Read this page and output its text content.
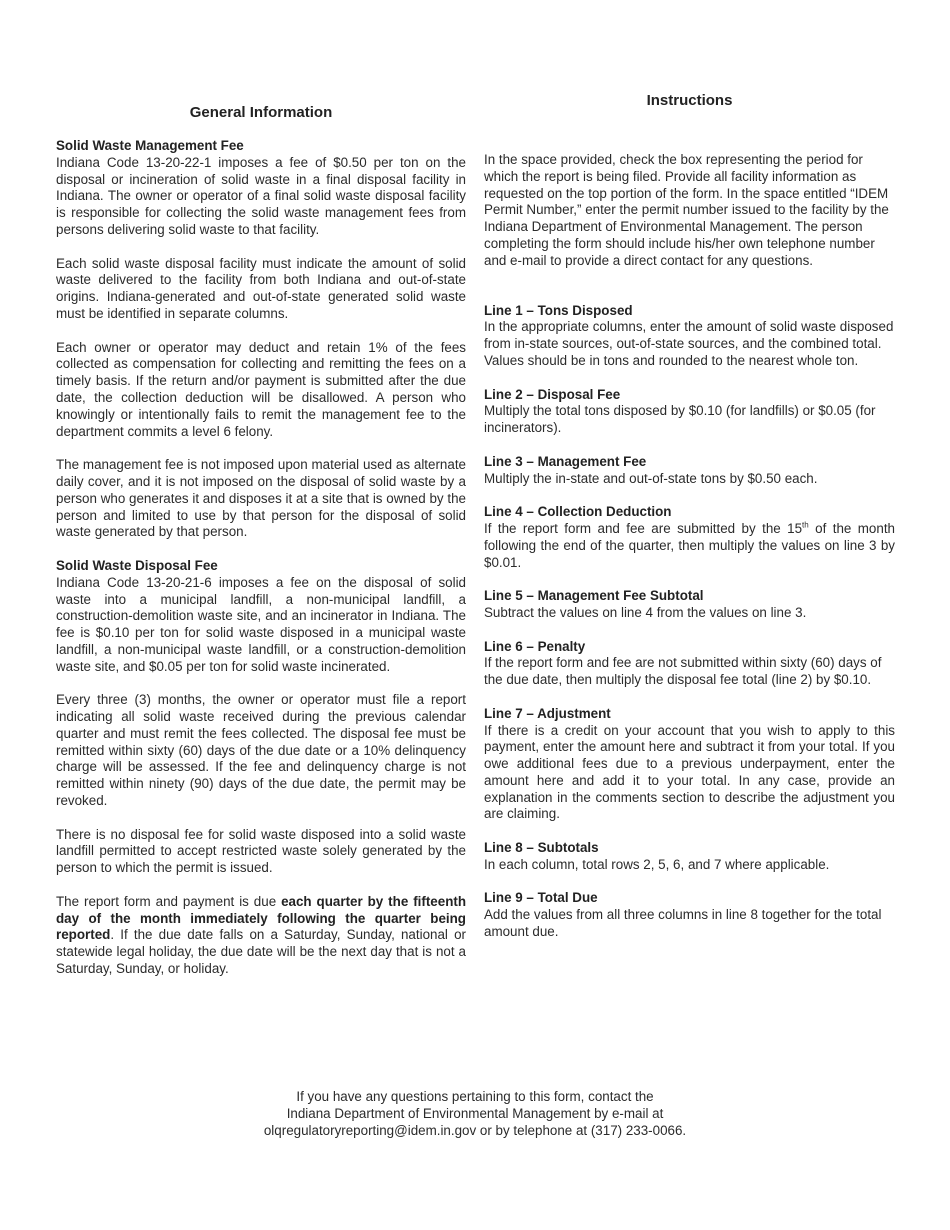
General Information
Solid Waste Management Fee

Indiana Code 13-20-22-1 imposes a fee of $0.50 per ton on the disposal or incineration of solid waste in a final disposal facility in Indiana. The owner or operator of a final solid waste disposal facility is responsible for collecting the solid waste management fees from persons delivering solid waste to that facility.

Each solid waste disposal facility must indicate the amount of solid waste delivered to the facility from both Indiana and out-of-state origins. Indiana-generated and out-of-state generated solid waste must be identified in separate columns.

Each owner or operator may deduct and retain 1% of the fees collected as compensation for collecting and remitting the fees on a timely basis. If the return and/or payment is submitted after the due date, the collection deduction will be disallowed. A person who knowingly or intentionally fails to remit the management fee to the department commits a level 6 felony.

The management fee is not imposed upon material used as alternate daily cover, and it is not imposed on the disposal of solid waste by a person who generates it and disposes it at a site that is owned by the person and limited to use by that person for the disposal of solid waste generated by that person.

Solid Waste Disposal Fee

Indiana Code 13-20-21-6 imposes a fee on the disposal of solid waste into a municipal landfill, a non-municipal landfill, a construction-demolition waste site, and an incinerator in Indiana. The fee is $0.10 per ton for solid waste disposed in a municipal waste landfill, a non-municipal waste landfill, or a construction-demolition waste site, and $0.05 per ton for solid waste incinerated.

Every three (3) months, the owner or operator must file a report indicating all solid waste received during the previous calendar quarter and must remit the fees collected. The disposal fee must be remitted within sixty (60) days of the due date or a 10% delinquency charge will be assessed. If the fee and delinquency charge is not remitted within ninety (90) days of the due date, the permit may be revoked.

There is no disposal fee for solid waste disposed into a solid waste landfill permitted to accept restricted waste solely generated by the person to which the permit is issued.

The report form and payment is due each quarter by the fifteenth day of the month immediately following the quarter being reported. If the due date falls on a Saturday, Sunday, national or statewide legal holiday, the due date will be the next day that is not a Saturday, Sunday, or holiday.

Instructions

In the space provided, check the box representing the period for which the report is being filed. Provide all facility information as requested on the top portion of the form. In the space entitled “IDEM Permit Number,” enter the permit number issued to the facility by the Indiana Department of Environmental Management. The person completing the form should include his/her own telephone number and e-mail to provide a direct contact for any questions.

Line 1 – Tons Disposed

In the appropriate columns, enter the amount of solid waste disposed from in-state sources, out-of-state sources, and the combined total. Values should be in tons and rounded to the nearest whole ton.

Line 2 – Disposal Fee

Multiply the total tons disposed by $0.10 (for landfills) or $0.05 (for incinerators).

Line 3 – Management Fee

Multiply the in-state and out-of-state tons by $0.50 each.

Line 4 – Collection Deduction

If the report form and fee are submitted by the 15th of the month following the end of the quarter, then multiply the values on line 3 by $0.01.

Line 5 – Management Fee Subtotal

Subtract the values on line 4 from the values on line 3.

Line 6 – Penalty

If the report form and fee are not submitted within sixty (60) days of the due date, then multiply the disposal fee total (line 2) by $0.10.

Line 7 – Adjustment

If there is a credit on your account that you wish to apply to this payment, enter the amount here and subtract it from your total. If you owe additional fees due to a previous underpayment, enter the amount here and add it to your total. In any case, provide an explanation in the comments section to describe the adjustment you are claiming.

Line 8 – Subtotals

In each column, total rows 2, 5, 6, and 7 where applicable.

Line 9 – Total Due

Add the values from all three columns in line 8 together for the total amount due.

If you have any questions pertaining to this form, contact the
Indiana Department of Environmental Management by e-mail at
olqregulatoryreporting@idem.in.gov or by telephone at (317) 233-0066.
